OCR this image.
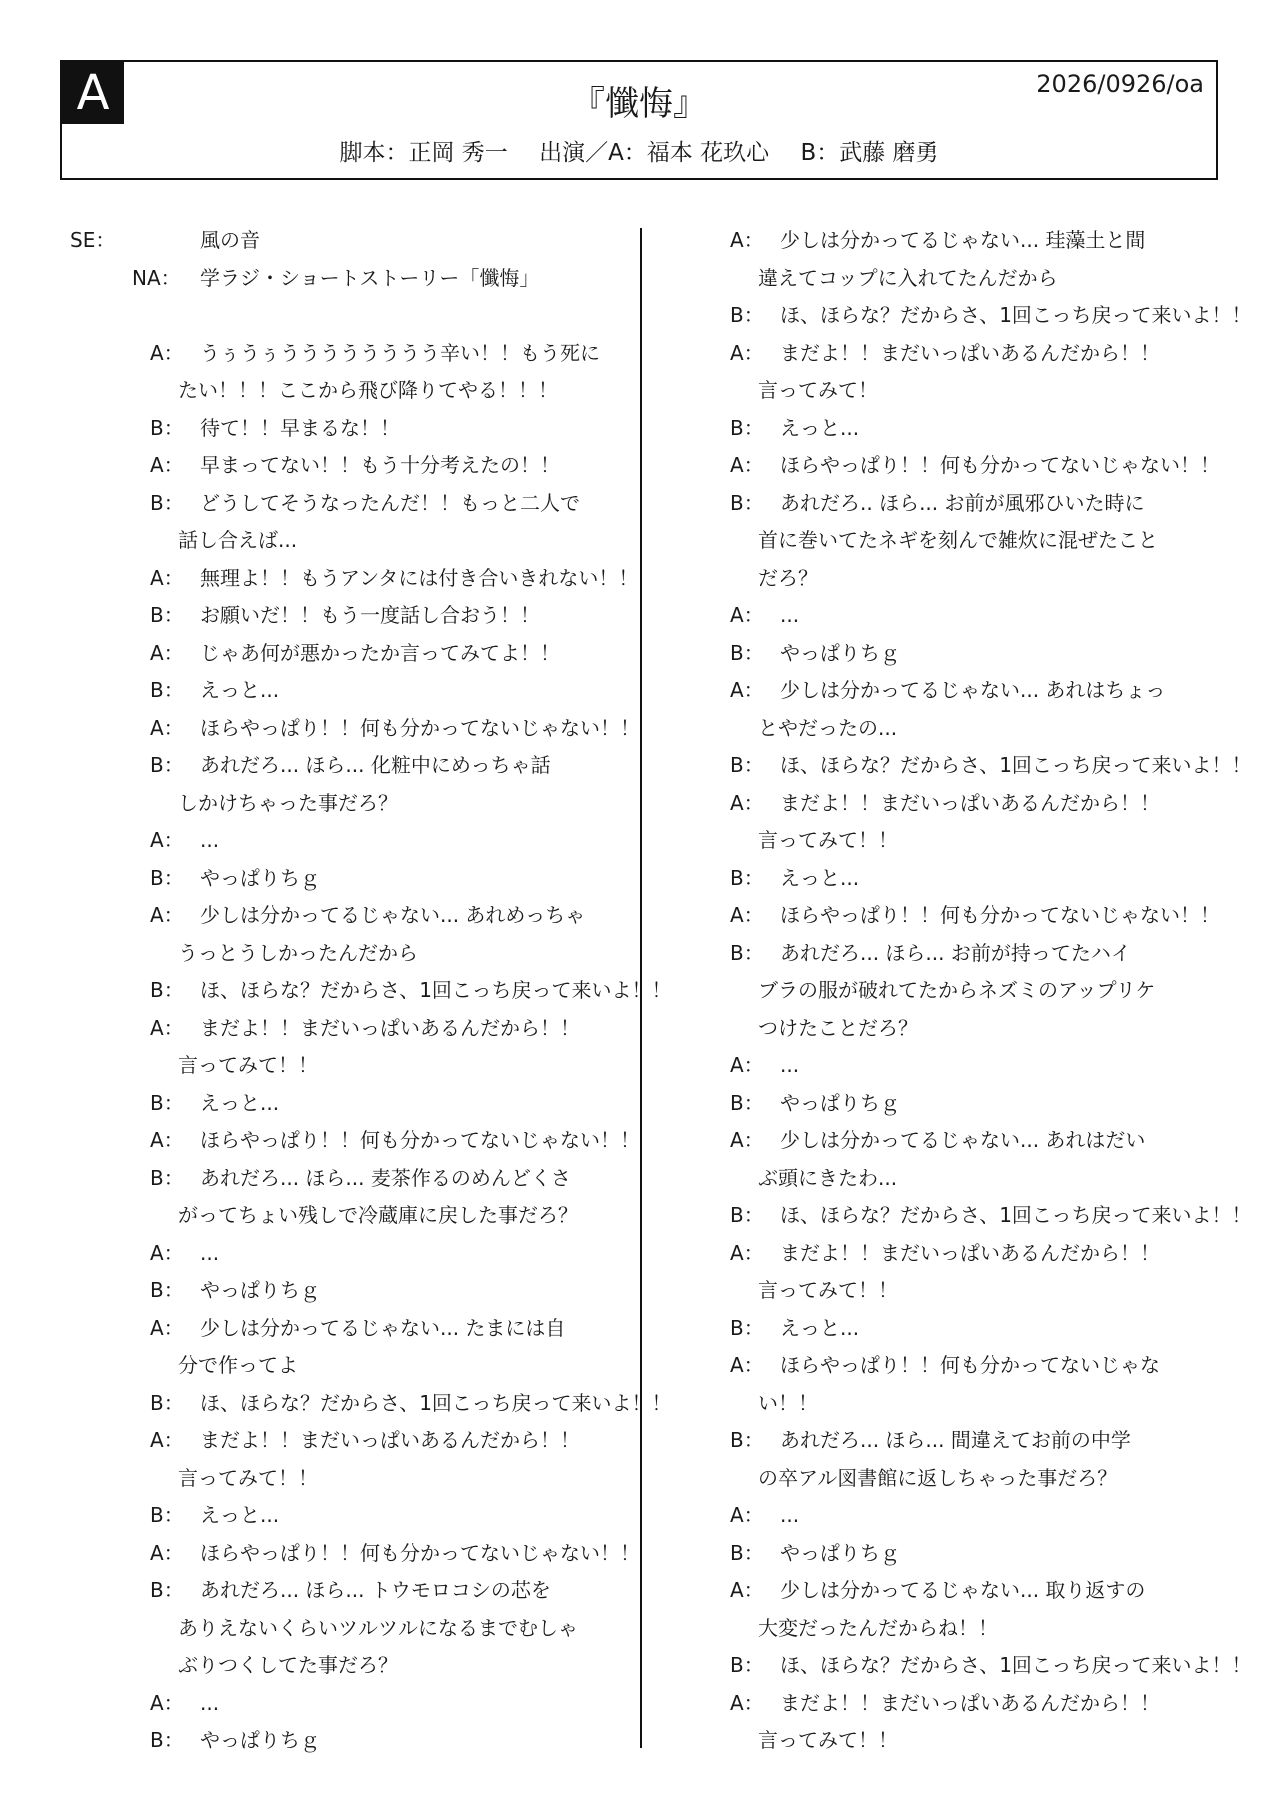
A	『懺悔』	2026/0926/oa
脚本：正岡 秀一 出演／A：福本 花玖心 B：武藤 磨勇
SE：	風の音
NA： 学ラジ・ショートストーリー「懺悔」
A： うぅうぅうううううううう辛い！！もう死に
たい！！！ここから飛び降りてやる！！！
B： 待て！！早まるな！！
A： 早まってない！！もう十分考えたの！！
B： どうしてそうなったんだ！！もっと二人で
話し合えば...
A： 無理よ！！もうアンタには付き合いきれない！！
B： お願いだ！！もう一度話し合おう！！
A： じゃあ何が悪かったか言ってみてよ！！
B： えっと...
A： ほらやっぱり！！何も分かってないじゃない！！
B： あれだろ... ほら... 化粧中にめっちゃ話
しかけちゃった事だろ？
A： ...
B： やっぱりちｇ
A： 少しは分かってるじゃない... あれめっちゃ
うっとうしかったんだから
B： ほ、ほらな？だからさ、1回こっち戻って来いよ！！
A： まだよ！！まだいっぱいあるんだから！！
言ってみて！！
B： えっと...
A： ほらやっぱり！！何も分かってないじゃない！！
B： あれだろ... ほら... 麦茶作るのめんどくさ
がってちょい残しで冷蔵庫に戻した事だろ？
A： ...
B： やっぱりちｇ
A： 少しは分かってるじゃない... たまには自
分で作ってよ
B： ほ、ほらな？だからさ、1回こっち戻って来いよ！！
A： まだよ！！まだいっぱいあるんだから！！
言ってみて！！
B： えっと...
A： ほらやっぱり！！何も分かってないじゃない！！
B： あれだろ... ほら... トウモロコシの芯を
ありえないくらいツルツルになるまでむしゃ
ぶりつくしてた事だろ？
A： ...
B： やっぱりちｇ
A： 少しは分かってるじゃない... 珪藻土と間
違えてコップに入れてたんだから
B： ほ、ほらな？だからさ、1回こっち戻って来いよ！！
A： まだよ！！まだいっぱいあるんだから！！
言ってみて！
B： えっと...
A： ほらやっぱり！！何も分かってないじゃない！！
B： あれだろ.. ほら... お前が風邪ひいた時に
首に巻いてたネギを刻んで雑炊に混ぜたこと
だろ？
A： ...
B： やっぱりちｇ
A： 少しは分かってるじゃない... あれはちょっ
とやだったの...
B： ほ、ほらな？だからさ、1回こっち戻って来いよ！！
A： まだよ！！まだいっぱいあるんだから！！
言ってみて！！
B： えっと...
A： ほらやっぱり！！何も分かってないじゃない！！
B： あれだろ... ほら... お前が持ってたハイ
ブラの服が破れてたからネズミのアップリケ
つけたことだろ？
A： ...
B： やっぱりちｇ
A： 少しは分かってるじゃない... あれはだい
ぶ頭にきたわ...
B： ほ、ほらな？だからさ、1回こっち戻って来いよ！！
A： まだよ！！まだいっぱいあるんだから！！
言ってみて！！
B： えっと...
A： ほらやっぱり！！何も分かってないじゃな
い！！
B： あれだろ... ほら... 間違えてお前の中学
の卒アル図書館に返しちゃった事だろ？
A： ...
B： やっぱりちｇ
A： 少しは分かってるじゃない... 取り返すの
大変だったんだからね！！
B： ほ、ほらな？だからさ、1回こっち戻って来いよ！！
A： まだよ！！まだいっぱいあるんだから！！
言ってみて！！
